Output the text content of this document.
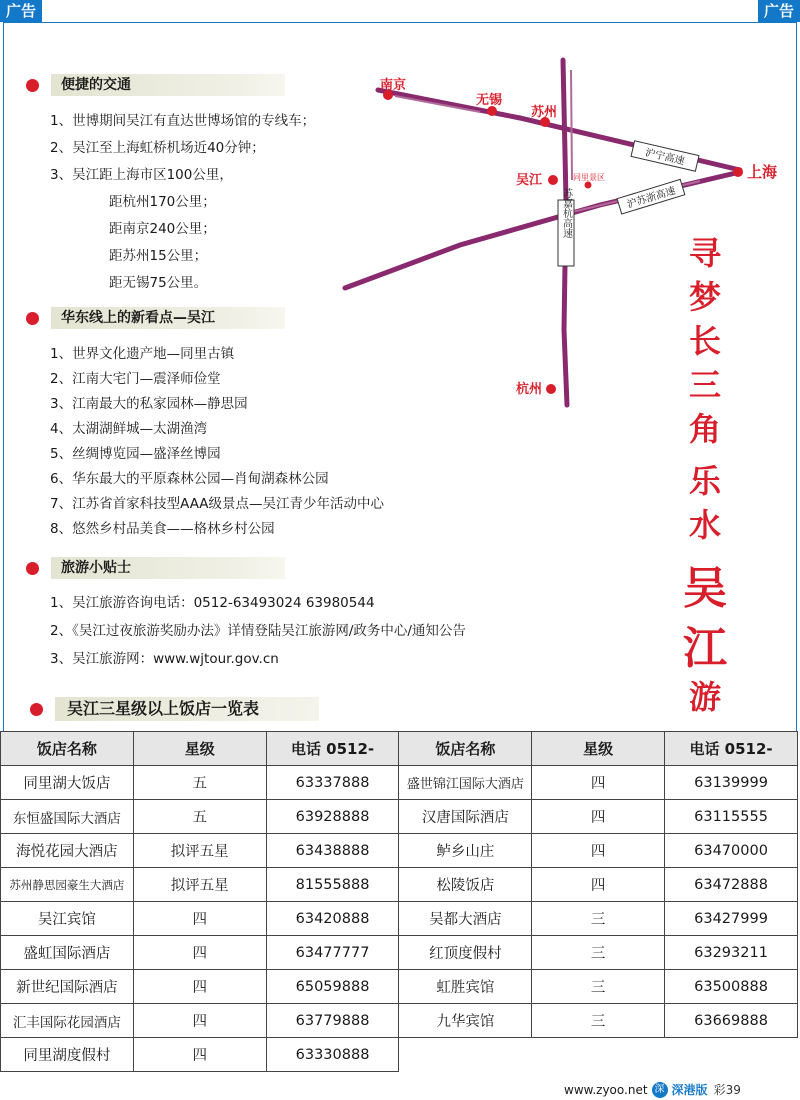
广告	广告
便捷的交通
1、世博期间吴江有直达世博场馆的专线车；
2、吴江至上海虹桥机场近40分钟；
3、吴江距上海市区100公里，
距杭州170公里；
距南京240公里；
距苏州15公里；
距无锡75公里。
华东线上的新看点—吴江
1、世界文化遗产地—同里古镇
2、江南大宅门—震泽师俭堂
3、江南最大的私家园林—静思园
4、太湖湖鲜城—太湖渔湾
5、丝绸博览园—盛泽丝博园
6、华东最大的平原森林公园—肖甸湖森林公园
7、江苏省首家科技型AAA级景点—吴江青少年活动中心
8、悠然乡村品美食——格林乡村公园
旅游小贴士
1、吴江旅游咨询电话：0512-63493024 63980544
2、《吴江过夜旅游奖励办法》详情登陆吴江旅游网/政务中心/通知公告
3、吴江旅游网：www.wjtour.gov.cn
南京
无锡
苏州
吴江	同里景区	上海
杭州
沪宁高速
沪苏浙高速
苏嘉杭高速
寻
梦
长
三
角
乐
水
吴
江
游
吴江三星级以上饭店一览表
饭店名称	星级	电话 0512-	饭店名称	星级	电话 0512-
同里湖大饭店	五	63337888	盛世锦江国际大酒店	四	63139999
东恒盛国际大酒店	五	63928888	汉唐国际酒店	四	63115555
海悦花园大酒店	拟评五星	63438888	鲈乡山庄	四	63470000
苏州静思园豪生大酒店	拟评五星	81555888	松陵饭店	四	63472888
吴江宾馆	四	63420888	吴都大酒店	三	63427999
盛虹国际酒店	四	63477777	红顶度假村	三	63293211
新世纪国际酒店	四	65059888	虹胜宾馆	三	63500888
汇丰国际花园酒店	四	63779888	九华宾馆	三	63669888
同里湖度假村	四	63330888			
www.zyoo.net 深 深港版 彩39
